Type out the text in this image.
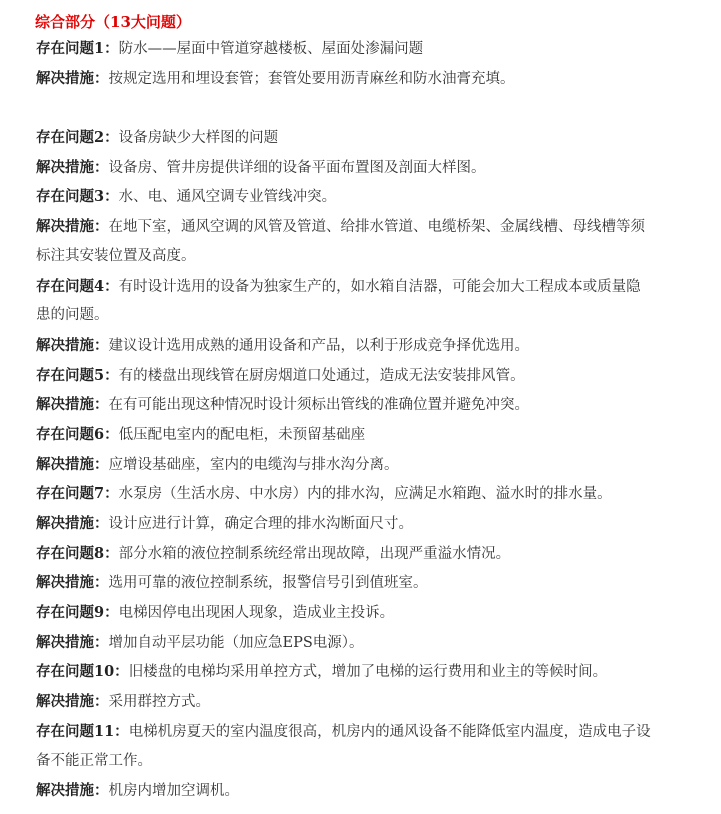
综合部分（13大问题）
存在问题1：防水——屋面中管道穿越楼板、屋面处渗漏问题
解决措施：按规定选用和埋设套管；套管处要用沥青麻丝和防水油膏充填。
存在问题2：设备房缺少大样图的问题
解决措施：设备房、管井房提供详细的设备平面布置图及剖面大样图。
存在问题3：水、电、通风空调专业管线冲突。
解决措施：在地下室，通风空调的风管及管道、给排水管道、电缆桥架、金属线槽、母线槽等须
标注其安装位置及高度。
存在问题4：有时设计选用的设备为独家生产的，如水箱自洁器，可能会加大工程成本或质量隐
患的问题。
解决措施：建议设计选用成熟的通用设备和产品，以利于形成竞争择优选用。
存在问题5：有的楼盘出现线管在厨房烟道口处通过，造成无法安装排风管。
解决措施：在有可能出现这种情况时设计须标出管线的准确位置并避免冲突。
存在问题6：低压配电室内的配电柜，未预留基础座
解决措施：应增设基础座，室内的电缆沟与排水沟分离。
存在问题7：水泵房（生活水房、中水房）内的排水沟，应满足水箱跑、溢水时的排水量。
解决措施：设计应进行计算，确定合理的排水沟断面尺寸。
存在问题8：部分水箱的液位控制系统经常出现故障，出现严重溢水情况。
解决措施：选用可靠的液位控制系统，报警信号引到值班室。
存在问题9：电梯因停电出现困人现象，造成业主投诉。
解决措施：增加自动平层功能（加应急EPS电源）。
存在问题10：旧楼盘的电梯均采用单控方式，增加了电梯的运行费用和业主的等候时间。
解决措施：采用群控方式。
存在问题11：电梯机房夏天的室内温度很高，机房内的通风设备不能降低室内温度，造成电子设
备不能正常工作。
解决措施：机房内增加空调机。
